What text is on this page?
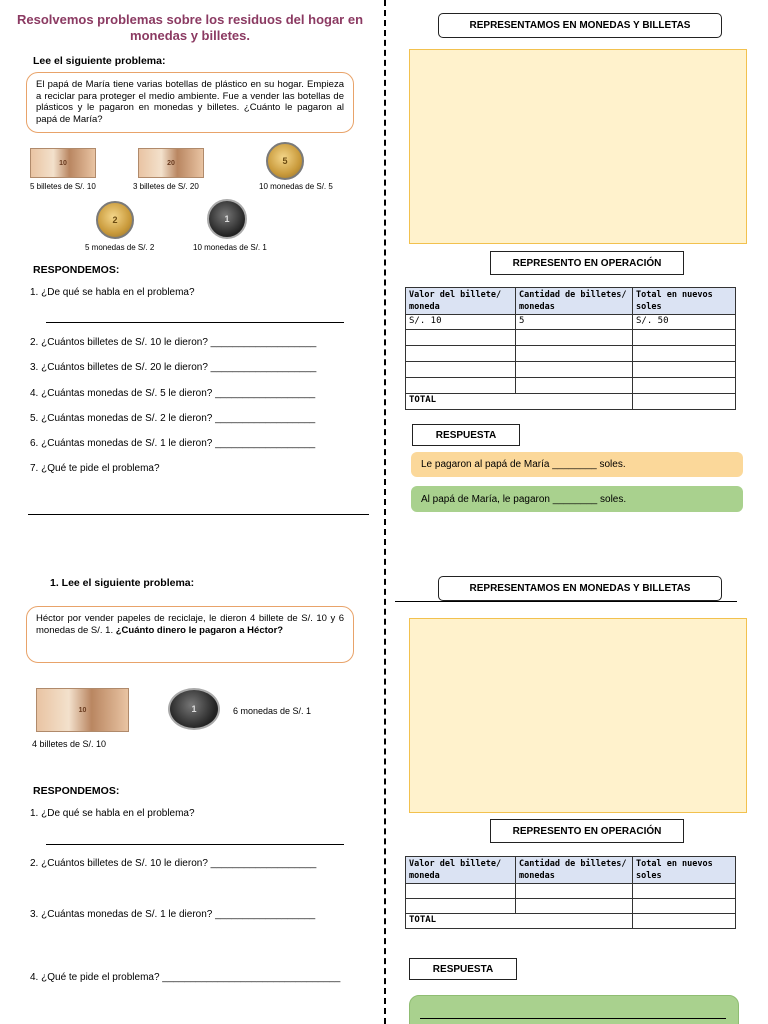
Resolvemos problemas sobre los residuos del hogar en monedas y billetes.
Lee el siguiente problema:
El papá de María tiene varias botellas de plástico en su hogar. Empieza a reciclar para proteger el medio ambiente. Fue a vender las botellas de plásticos y le pagaron en monedas y billetes. ¿Cuánto le pagaron al papá de María?
10
5 billetes de S/. 10
20
3 billetes de S/. 20
5
10 monedas de S/. 5
2
5 monedas de S/. 2
1
10 monedas de S/. 1
RESPONDEMOS:
1. ¿De qué se habla en el problema?
2. ¿Cuántos billetes de S/. 10 le dieron? ___________________
3. ¿Cuántos billetes de S/. 20 le dieron? ___________________
4. ¿Cuántas monedas de S/. 5 le dieron? __________________
5. ¿Cuántas monedas de S/. 2 le dieron? __________________
6. ¿Cuántas monedas de S/. 1 le dieron? __________________
7. ¿Qué te pide el problema?
REPRESENTAMOS EN MONEDAS Y BILLETAS
REPRESENTO EN OPERACIÓN
Valor del billete/ moneda	Cantidad de billetes/ monedas	Total en nuevos soles
S/. 10	5	S/. 50

TOTAL		
RESPUESTA
Le pagaron al papá de María ________ soles.
Al papá de María, le pagaron ________ soles.
1. Lee el siguiente problema:
Héctor por vender papeles de reciclaje, le dieron 4 billete de S/. 10 y 6 monedas de S/. 1. ¿Cuánto dinero le pagaron a Héctor?
10	1	6 monedas de S/. 1
4 billetes de S/. 10
RESPONDEMOS:
1. ¿De qué se habla en el problema?
2. ¿Cuántos billetes de S/. 10 le dieron? ___________________
3. ¿Cuántas monedas de S/. 1 le dieron? __________________
4. ¿Qué te pide el problema? ________________________________
REPRESENTAMOS EN MONEDAS Y BILLETAS
REPRESENTO EN OPERACIÓN
Valor del billete/ moneda	Cantidad de billetes/ monedas	Total en nuevos soles

TOTAL		
RESPUESTA
